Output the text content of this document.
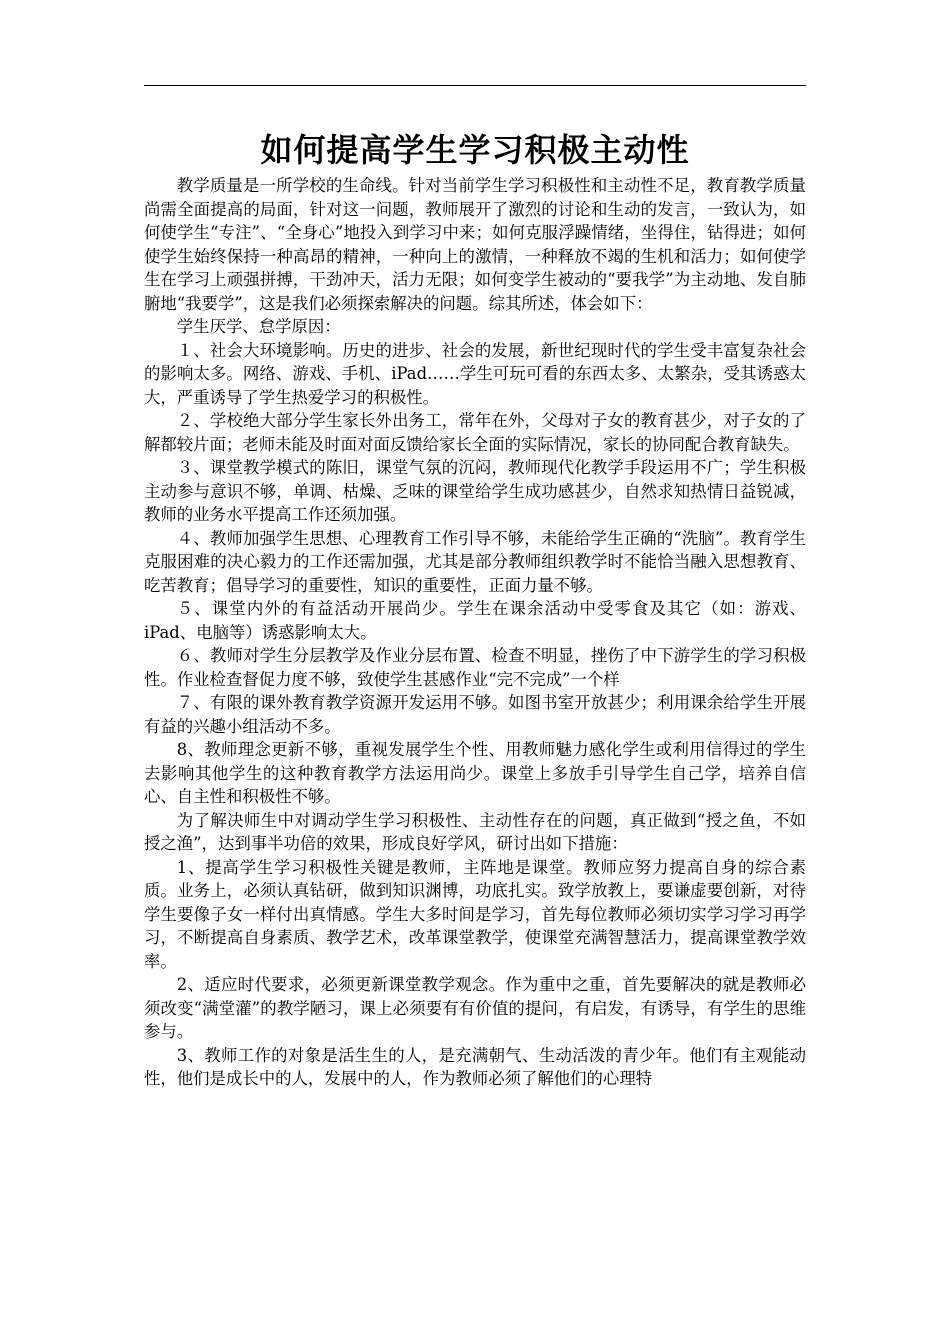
如何提高学生学习积极主动性

教学质量是一所学校的生命线。针对当前学生学习积极性和主动性不足，教育教学质量尚需全面提高的局面，针对这一问题，教师展开了激烈的讨论和生动的发言，一致认为，如何使学生“专注”、“全身心”地投入到学习中来；如何克服浮躁情绪，坐得住，钻得进；如何使学生始终保持一种高昂的精神，一种向上的激情，一种释放不竭的生机和活力；如何使学生在学习上顽强拼搏，干劲冲天，活力无限；如何变学生被动的“要我学”为主动地、发自肺腑地“我要学”，这是我们必须探索解决的问题。综其所述，体会如下：

学生厌学、怠学原因：

１、社会大环境影响。历史的进步、社会的发展，新世纪现时代的学生受丰富复杂社会的影响太多。网络、游戏、手机、iPad……学生可玩可看的东西太多、太繁杂，受其诱惑太大，严重诱导了学生热爱学习的积极性。

２、学校绝大部分学生家长外出务工，常年在外，父母对子女的教育甚少，对子女的了解都较片面；老师未能及时面对面反馈给家长全面的实际情况，家长的协同配合教育缺失。

３、课堂教学模式的陈旧，课堂气氛的沉闷，教师现代化教学手段运用不广；学生积极主动参与意识不够，单调、枯燥、乏味的课堂给学生成功感甚少，自然求知热情日益锐减，教师的业务水平提高工作还须加强。

４、教师加强学生思想、心理教育工作引导不够，未能给学生正确的“洗脑”。教育学生克服困难的决心毅力的工作还需加强，尤其是部分教师组织教学时不能恰当融入思想教育、吃苦教育；倡导学习的重要性，知识的重要性，正面力量不够。

５、课堂内外的有益活动开展尚少。学生在课余活动中受零食及其它（如：游戏、iPad、电脑等）诱惑影响太大。

６、教师对学生分层教学及作业分层布置、检查不明显，挫伤了中下游学生的学习积极性。作业检查督促力度不够，致使学生甚感作业“完不完成”一个样

７、有限的课外教育教学资源开发运用不够。如图书室开放甚少；利用课余给学生开展有益的兴趣小组活动不多。

8、教师理念更新不够，重视发展学生个性、用教师魅力感化学生或利用信得过的学生去影响其他学生的这种教育教学方法运用尚少。课堂上多放手引导学生自己学，培养自信心、自主性和积极性不够。

为了解决师生中对调动学生学习积极性、主动性存在的问题，真正做到“授之鱼，不如授之渔”，达到事半功倍的效果，形成良好学风，研讨出如下措施：

1、提高学生学习积极性关键是教师，主阵地是课堂。教师应努力提高自身的综合素质。业务上，必须认真钻研，做到知识渊博，功底扎实。致学放教上，要谦虚要创新，对待学生要像子女一样付出真情感。学生大多时间是学习，首先每位教师必须切实学习学习再学习，不断提高自身素质、教学艺术，改革课堂教学，使课堂充满智慧活力，提高课堂教学效率。

2、适应时代要求，必须更新课堂教学观念。作为重中之重，首先要解决的就是教师必须改变“满堂灌”的教学陋习，课上必须要有有价值的提问，有启发，有诱导，有学生的思维参与。

3、教师工作的对象是活生生的人，是充满朝气、生动活泼的青少年。他们有主观能动性，他们是成长中的人，发展中的人，作为教师必须了解他们的心理特
